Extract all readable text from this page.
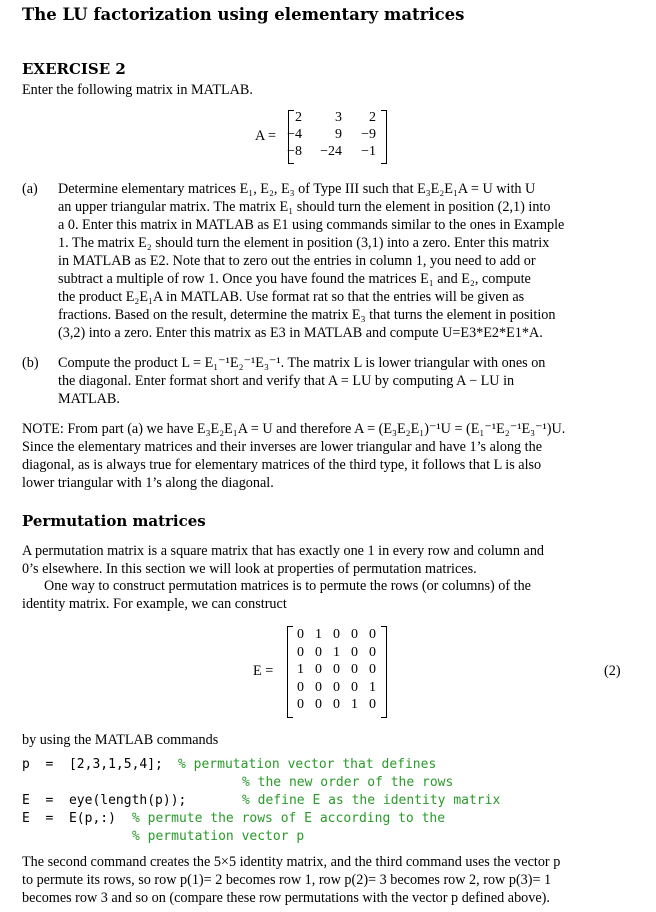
The LU factorization using elementary matrices
EXERCISE 2
Enter the following matrix in MATLAB.
A =
2	3	2
−4	9	−9
−8	−24	−1
(a) Determine elementary matrices E₁, E₂, E₃ of Type III such that E₃E₂E₁A = U with U
an upper triangular matrix. The matrix E₁ should turn the element in position (2,1) into
a 0. Enter this matrix in MATLAB as E1 using commands similar to the ones in Example
1. The matrix E₂ should turn the element in position (3,1) into a zero. Enter this matrix
in MATLAB as E2. Note that to zero out the entries in column 1, you need to add or
subtract a multiple of row 1. Once you have found the matrices E₁ and E₂, compute
the product E₂E₁A in MATLAB. Use format rat so that the entries will be given as
fractions. Based on the result, determine the matrix E₃ that turns the element in position
(3,2) into a zero. Enter this matrix as E3 in MATLAB and compute U=E3*E2*E1*A.
(b) Compute the product L = E₁⁻¹E₂⁻¹E₃⁻¹. The matrix L is lower triangular with ones on
the diagonal. Enter format short and verify that A = LU by computing A − LU in
MATLAB.
NOTE: From part (a) we have E₃E₂E₁A = U and therefore A = (E₃E₂E₁)⁻¹U = (E₁⁻¹E₂⁻¹E₃⁻¹)U.
Since the elementary matrices and their inverses are lower triangular and have 1’s along the
diagonal, as is always true for elementary matrices of the third type, it follows that L is also
lower triangular with 1’s along the diagonal.
Permutation matrices
A permutation matrix is a square matrix that has exactly one 1 in every row and column and
0’s elsewhere. In this section we will look at properties of permutation matrices.
One way to construct permutation matrices is to permute the rows (or columns) of the
identity matrix. For example, we can construct
E =
0 1 0 0 0
0 0 1 0 0
1 0 0 0 0
0 0 0 0 1
0 0 0 1 0
(2)
by using the MATLAB commands
p  =  [2,3,1,5,4]; % permutation vector that defines
% the new order of the rows
E  =  eye(length(p));	% define E as the identity matrix
E  =  E(p,:) % permute the rows of E according to the
% permutation vector p
The second command creates the 5×5 identity matrix, and the third command uses the vector p
to permute its rows, so row p(1)= 2 becomes row 1, row p(2)= 3 becomes row 2, row p(3)= 1
becomes row 3 and so on (compare these row permutations with the vector p defined above).
